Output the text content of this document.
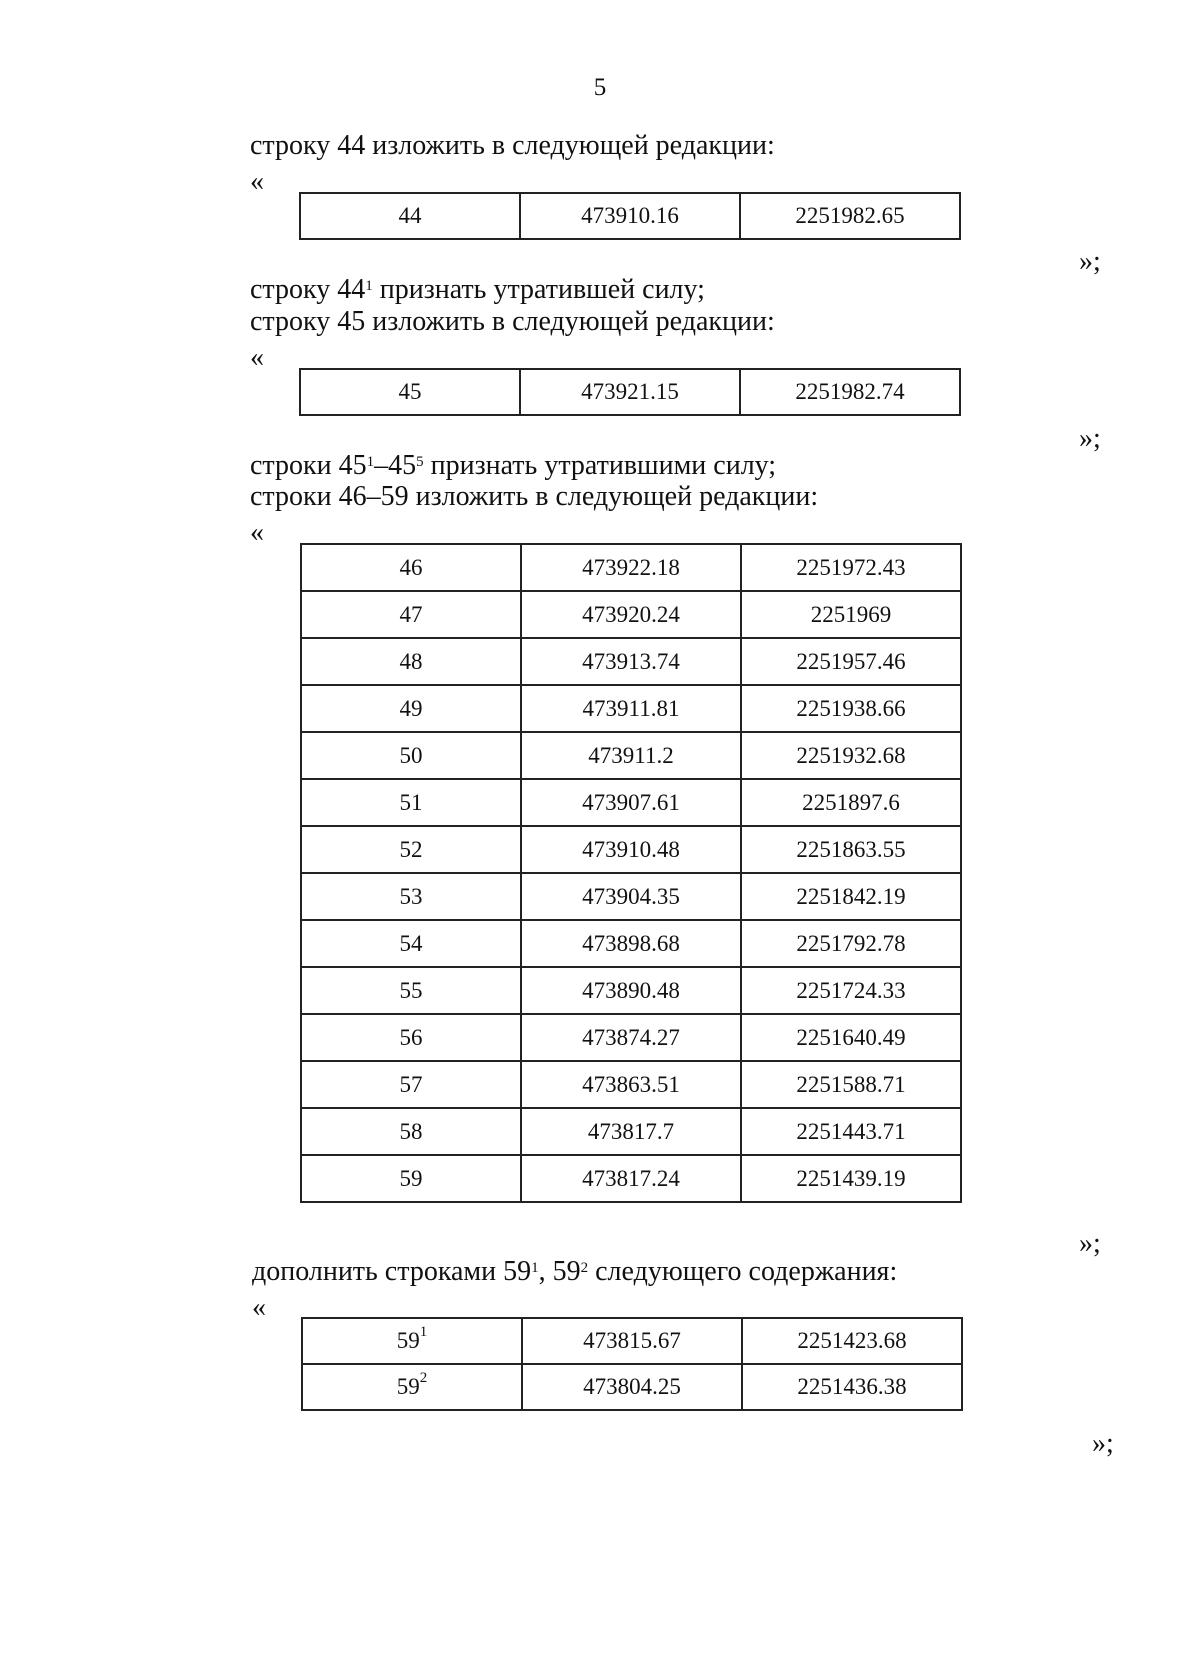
5
строку 44 изложить в следующей редакции:
«
44	473910.16	2251982.65
»;
строку $44^1$ признать утратившей силу;
строку 45 изложить в следующей редакции:
«
45	473921.15	2251982.74
»;
строки $45^1-45^5$ признать утратившими силу;
строки 46–59 изложить в следующей редакции:
«
46	473922.18	2251972.43
47	473920.24	2251969
48	473913.74	2251957.46
49	473911.81	2251938.66
50	473911.2	2251932.68
51	473907.61	2251897.6
52	473910.48	2251863.55
53	473904.35	2251842.19
54	473898.68	2251792.78
55	473890.48	2251724.33
56	473874.27	2251640.49
57	473863.51	2251588.71
58	473817.7	2251443.71
59	473817.24	2251439.19
»;
дополнить строками $59^1$, $59^2$ следующего содержания:
«
$59^1$	473815.67	2251423.68
$59^2$	473804.25	2251436.38
»;
